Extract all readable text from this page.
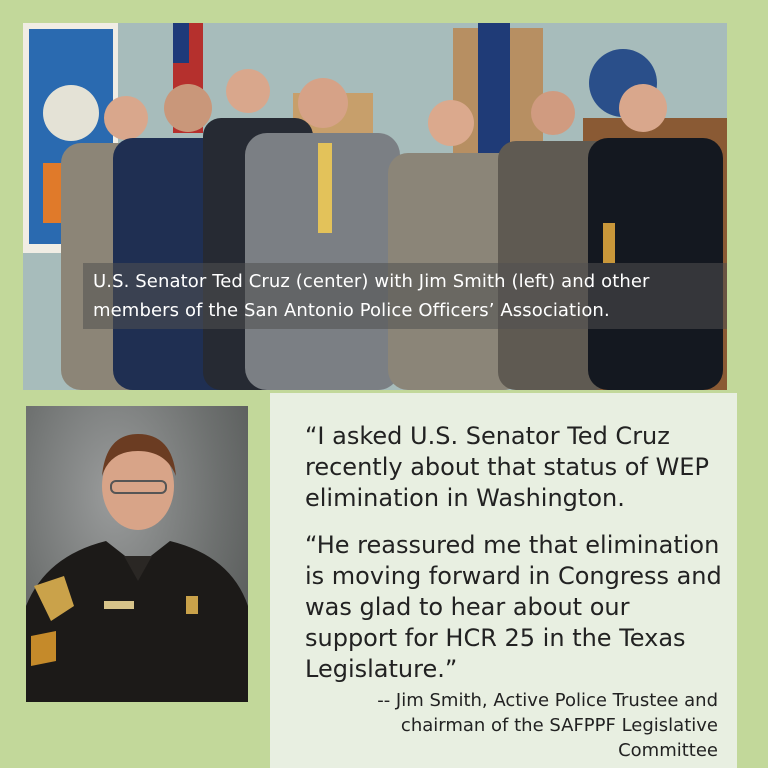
U.S. Senator Ted Cruz (center) with Jim Smith (left) and other members of the San Antonio Police Officers’ Association.

“I asked U.S. Senator Ted Cruz recently about that status of WEP elimination in Washington.

“He reassured me that elimination is moving forward in Congress and was glad to hear about our support for HCR 25 in the Texas Legislature.”

-- Jim Smith, Active Police Trustee and chairman of the SAFPPF Legislative Committee
